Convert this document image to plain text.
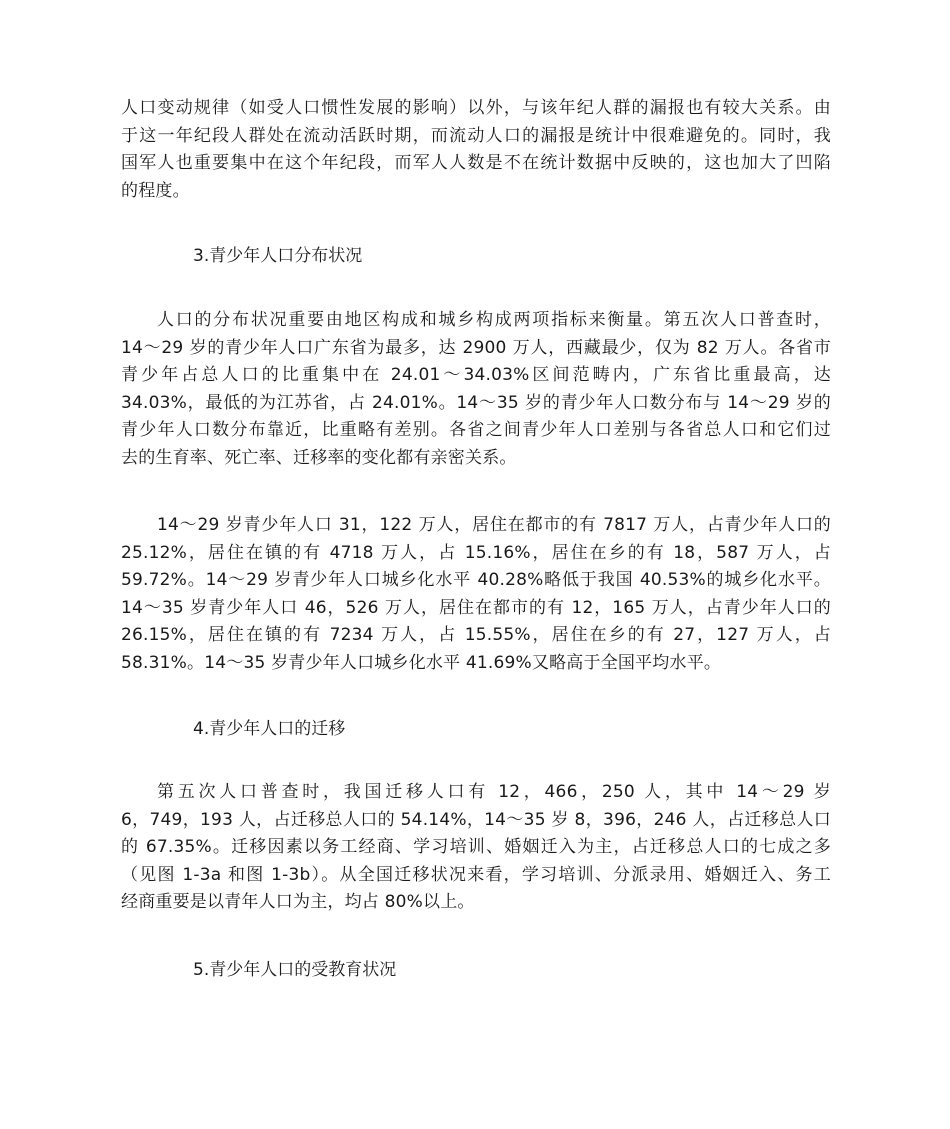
人口变动规律（如受人口惯性发展的影响）以外，与该年纪人群的漏报也有较大关系。由
于这一年纪段人群处在流动活跃时期，而流动人口的漏报是统计中很难避免的。同时，我
国军人也重要集中在这个年纪段，而军人人数是不在统计数据中反映的，这也加大了凹陷
的程度。
3.青少年人口分布状况
人口的分布状况重要由地区构成和城乡构成两项指标来衡量。第五次人口普查时，
14～29 岁的青少年人口广东省为最多，达 2900 万人，西藏最少，仅为 82 万人。各省市
青少年占总人口的比重集中在 24.01～34.03%区间范畴内，广东省比重最高，达
34.03%，最低的为江苏省，占 24.01%。14～35 岁的青少年人口数分布与 14～29 岁的
青少年人口数分布靠近，比重略有差别。各省之间青少年人口差别与各省总人口和它们过
去的生育率、死亡率、迁移率的变化都有亲密关系。
14～29 岁青少年人口 31，122 万人，居住在都市的有 7817 万人，占青少年人口的
25.12%，居住在镇的有 4718 万人，占 15.16%，居住在乡的有 18，587 万人，占
59.72%。14～29 岁青少年人口城乡化水平 40.28%略低于我国 40.53%的城乡化水平。
14～35 岁青少年人口 46，526 万人，居住在都市的有 12，165 万人，占青少年人口的
26.15%，居住在镇的有 7234 万人，占 15.55%，居住在乡的有 27，127 万人，占
58.31%。14～35 岁青少年人口城乡化水平 41.69%又略高于全国平均水平。
4.青少年人口的迁移
第五次人口普查时，我国迁移人口有 12，466，250 人，其中 14～29 岁
6，749，193 人，占迁移总人口的 54.14%，14～35 岁 8，396，246 人，占迁移总人口
的 67.35%。迁移因素以务工经商、学习培训、婚姻迁入为主，占迁移总人口的七成之多
（见图 1-3a 和图 1-3b）。从全国迁移状况来看，学习培训、分派录用、婚姻迁入、务工
经商重要是以青年人口为主，均占 80%以上。
5.青少年人口的受教育状况
